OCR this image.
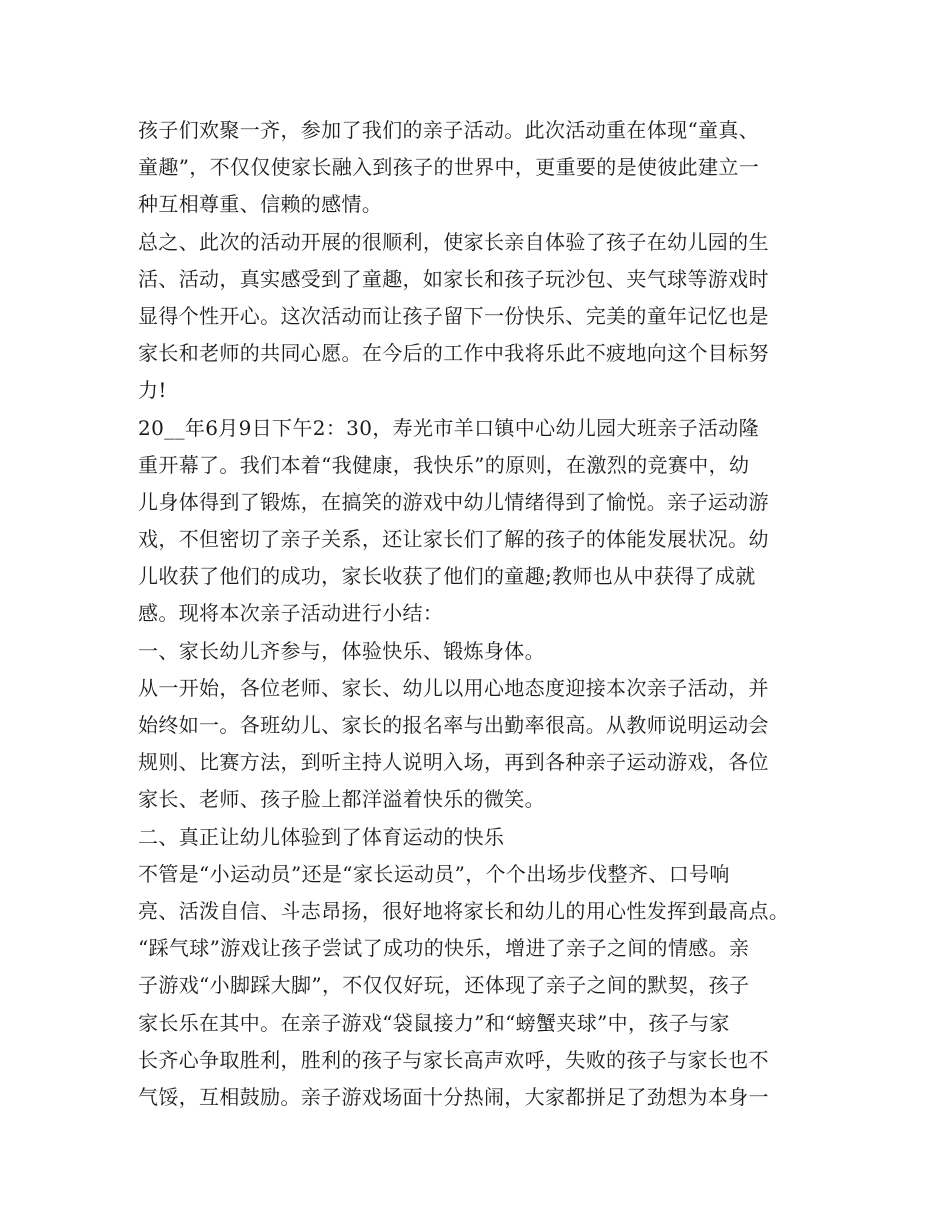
孩子们欢聚一齐，参加了我们的亲子活动。此次活动重在体现“童真、
童趣”，不仅仅使家长融入到孩子的世界中，更重要的是使彼此建立一
种互相尊重、信赖的感情。
总之、此次的活动开展的很顺利，使家长亲自体验了孩子在幼儿园的生
活、活动，真实感受到了童趣，如家长和孩子玩沙包、夹气球等游戏时
显得个性开心。这次活动而让孩子留下一份快乐、完美的童年记忆也是
家长和老师的共同心愿。在今后的工作中我将乐此不疲地向这个目标努
力!
20__年6月9日下午2：30，寿光市羊口镇中心幼儿园大班亲子活动隆
重开幕了。我们本着“我健康，我快乐”的原则，在激烈的竞赛中，幼
儿身体得到了锻炼，在搞笑的游戏中幼儿情绪得到了愉悦。亲子运动游
戏，不但密切了亲子关系，还让家长们了解的孩子的体能发展状况。幼
儿收获了他们的成功，家长收获了他们的童趣;教师也从中获得了成就
感。现将本次亲子活动进行小结：
一、家长幼儿齐参与，体验快乐、锻炼身体。
从一开始，各位老师、家长、幼儿以用心地态度迎接本次亲子活动，并
始终如一。各班幼儿、家长的报名率与出勤率很高。从教师说明运动会
规则、比赛方法，到听主持人说明入场，再到各种亲子运动游戏，各位
家长、老师、孩子脸上都洋溢着快乐的微笑。
二、真正让幼儿体验到了体育运动的快乐
不管是“小运动员”还是“家长运动员”，个个出场步伐整齐、口号响
亮、活泼自信、斗志昂扬，很好地将家长和幼儿的用心性发挥到最高点。
“踩气球”游戏让孩子尝试了成功的快乐，增进了亲子之间的情感。亲
子游戏“小脚踩大脚”，不仅仅好玩，还体现了亲子之间的默契，孩子
家长乐在其中。在亲子游戏“袋鼠接力”和“螃蟹夹球”中，孩子与家
长齐心争取胜利，胜利的孩子与家长高声欢呼，失败的孩子与家长也不
气馁，互相鼓励。亲子游戏场面十分热闹，大家都拼足了劲想为本身一
